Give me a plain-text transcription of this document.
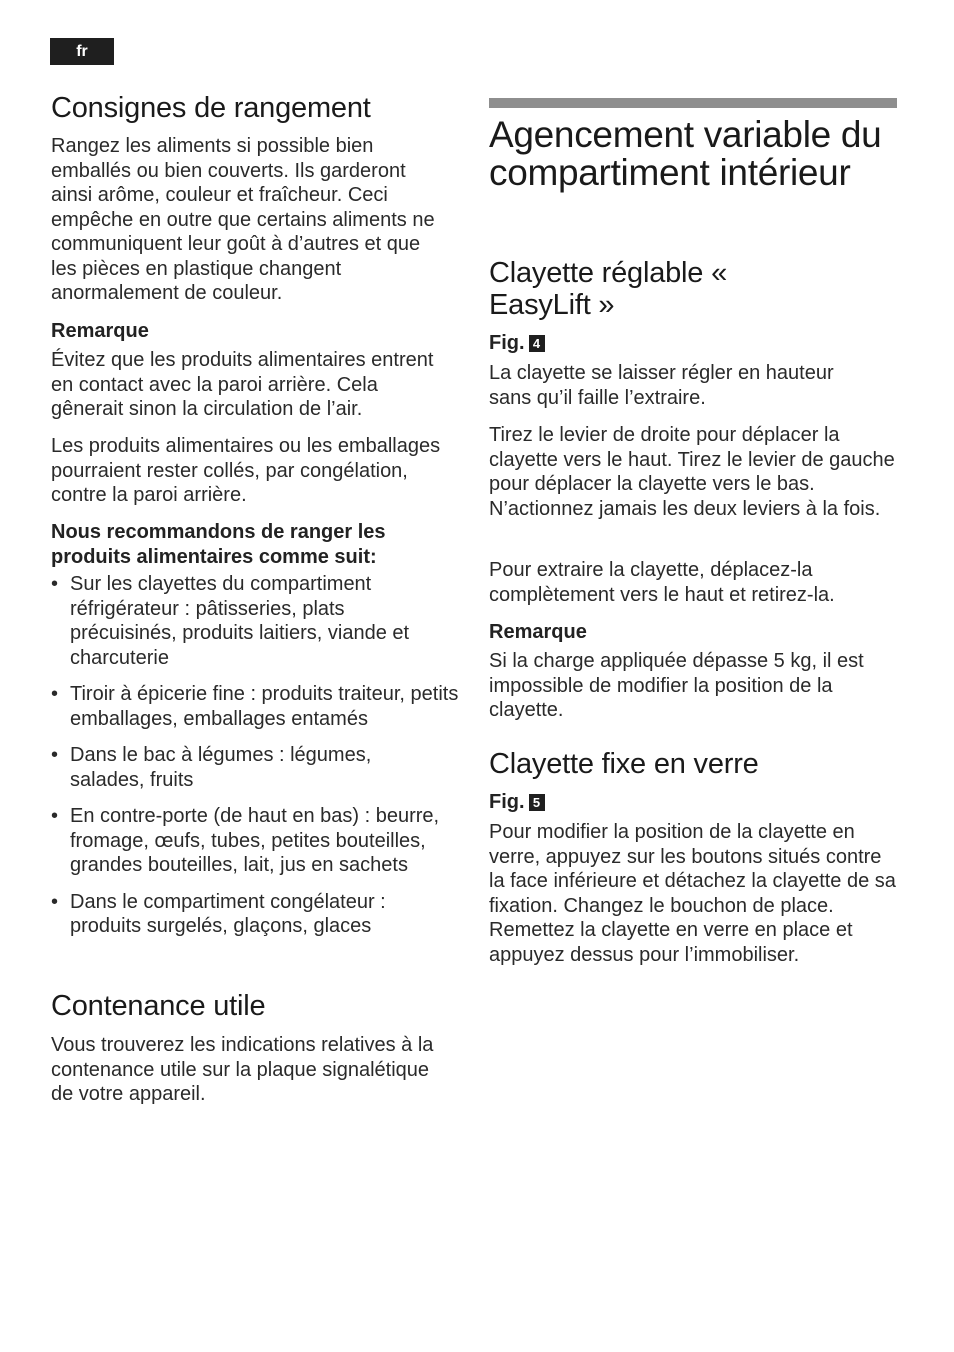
fr
Consignes de rangement

Rangez les aliments si possible bien emballés ou bien couverts. Ils garderont ainsi arôme, couleur et fraîcheur. Ceci empêche en outre que certains aliments ne communiquent leur goût à d’autres et que les pièces en plastique changent anormalement de couleur.

Remarque

Évitez que les produits alimentaires entrent en contact avec la paroi arrière. Cela gênerait sinon la circulation de l’air.

Les produits alimentaires ou les emballages pourraient rester collés, par congélation, contre la paroi arrière.

Nous recommandons de ranger les produits alimentaires comme suit:

• Sur les clayettes du compartiment réfrigérateur : pâtisseries, plats précuisinés, produits laitiers, viande et charcuterie
• Tiroir à épicerie fine : produits traiteur, petits emballages, emballages entamés
• Dans le bac à légumes : légumes, salades, fruits
• En contre-porte (de haut en bas) : beurre, fromage, œufs, tubes, petites bouteilles, grandes bouteilles, lait, jus en sachets
• Dans le compartiment congélateur : produits surgelés, glaçons, glaces
Contenance utile

Vous trouverez les indications relatives à la contenance utile sur la plaque signalétique de votre appareil.

Agencement variable du compartiment intérieur
Clayette réglable « EasyLift »

Fig. 4

La clayette se laisser régler en hauteur sans qu’il faille l’extraire.

Tirez le levier de droite pour déplacer la clayette vers le haut. Tirez le levier de gauche pour déplacer la clayette vers le bas. N’actionnez jamais les deux leviers à la fois.

Pour extraire la clayette, déplacez-la complètement vers le haut et retirez-la.

Remarque

Si la charge appliquée dépasse 5 kg, il est impossible de modifier la position de la clayette.

Clayette fixe en verre

Fig. 5

Pour modifier la position de la clayette en verre, appuyez sur les boutons situés contre la face inférieure et détachez la clayette de sa fixation. Changez le bouchon de place. Remettez la clayette en verre en place et appuyez dessus pour l’immobiliser.
